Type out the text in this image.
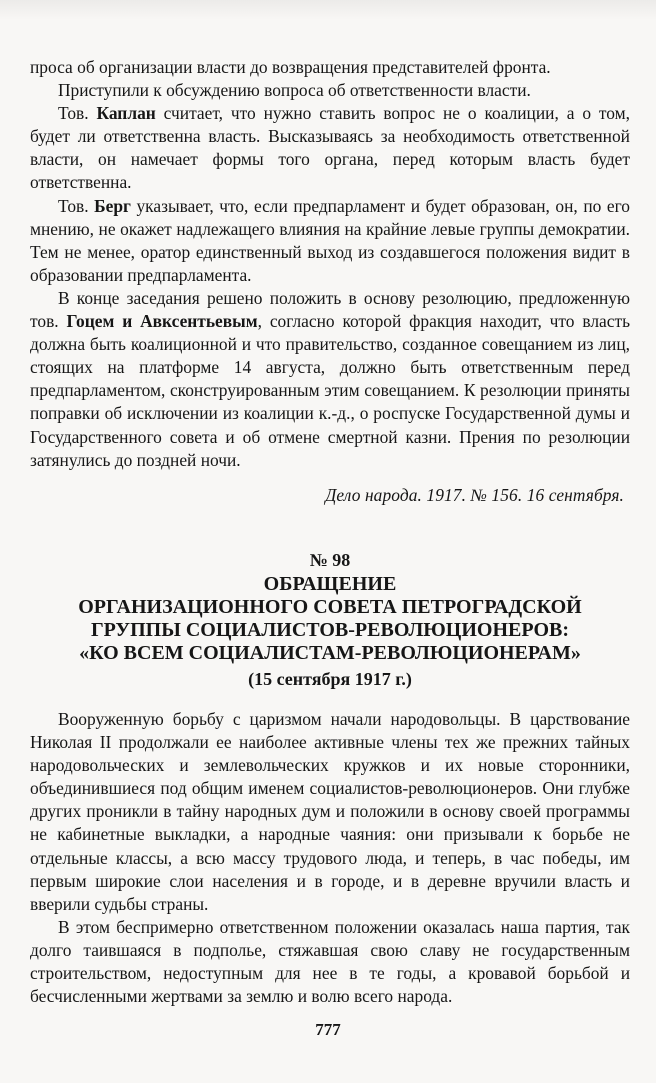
проса об организации власти до возвращения представителей фронта.

Приступили к обсуждению вопроса об ответственности власти.

Тов. Каплан считает, что нужно ставить вопрос не о коалиции, а о том, будет ли ответственна власть. Высказываясь за необходимость ответственной власти, он намечает формы того органа, перед которым власть будет ответственна.

Тов. Берг указывает, что, если предпарламент и будет образован, он, по его мнению, не окажет надлежащего влияния на крайние левые группы демократии. Тем не менее, оратор единственный выход из создавшегося положения видит в образовании предпарламента.

В конце заседания решено положить в основу резолюцию, предложенную тов. Гоцем и Авксентьевым, согласно которой фракция находит, что власть должна быть коалиционной и что правительство, созданное совещанием из лиц, стоящих на платформе 14 августа, должно быть ответственным перед предпарламентом, сконструированным этим совещанием. К резолюции приняты поправки об исключении из коалиции к.-д., о роспуске Государственной думы и Государственного совета и об отмене смертной казни. Прения по резолюции затянулись до поздней ночи.

Дело народа. 1917. № 156. 16 сентября.
№ 98
ОБРАЩЕНИЕ
ОРГАНИЗАЦИОННОГО СОВЕТА ПЕТРОГРАДСКОЙ
ГРУППЫ СОЦИАЛИСТОВ-РЕВОЛЮЦИОНЕРОВ:
«КО ВСЕМ СОЦИАЛИСТАМ-РЕВОЛЮЦИОНЕРАМ»
(15 сентября 1917 г.)

Вооруженную борьбу с царизмом начали народовольцы. В царствование Николая II продолжали ее наиболее активные члены тех же прежних тайных народовольческих и землевольческих кружков и их новые сторонники, объединившиеся под общим именем социалистов-революционеров. Они глубже других проникли в тайну народных дум и положили в основу своей программы не кабинетные выкладки, а народные чаяния: они призывали к борьбе не отдельные классы, а всю массу трудового люда, и теперь, в час победы, им первым широкие слои населения и в городе, и в деревне вручили власть и вверили судьбы страны.

В этом беспримерно ответственном положении оказалась наша партия, так долго таившаяся в подполье, стяжавшая свою славу не государственным строительством, недоступным для нее в те годы, а кровавой борьбой и бесчисленными жертвами за землю и волю всего народа.

777
